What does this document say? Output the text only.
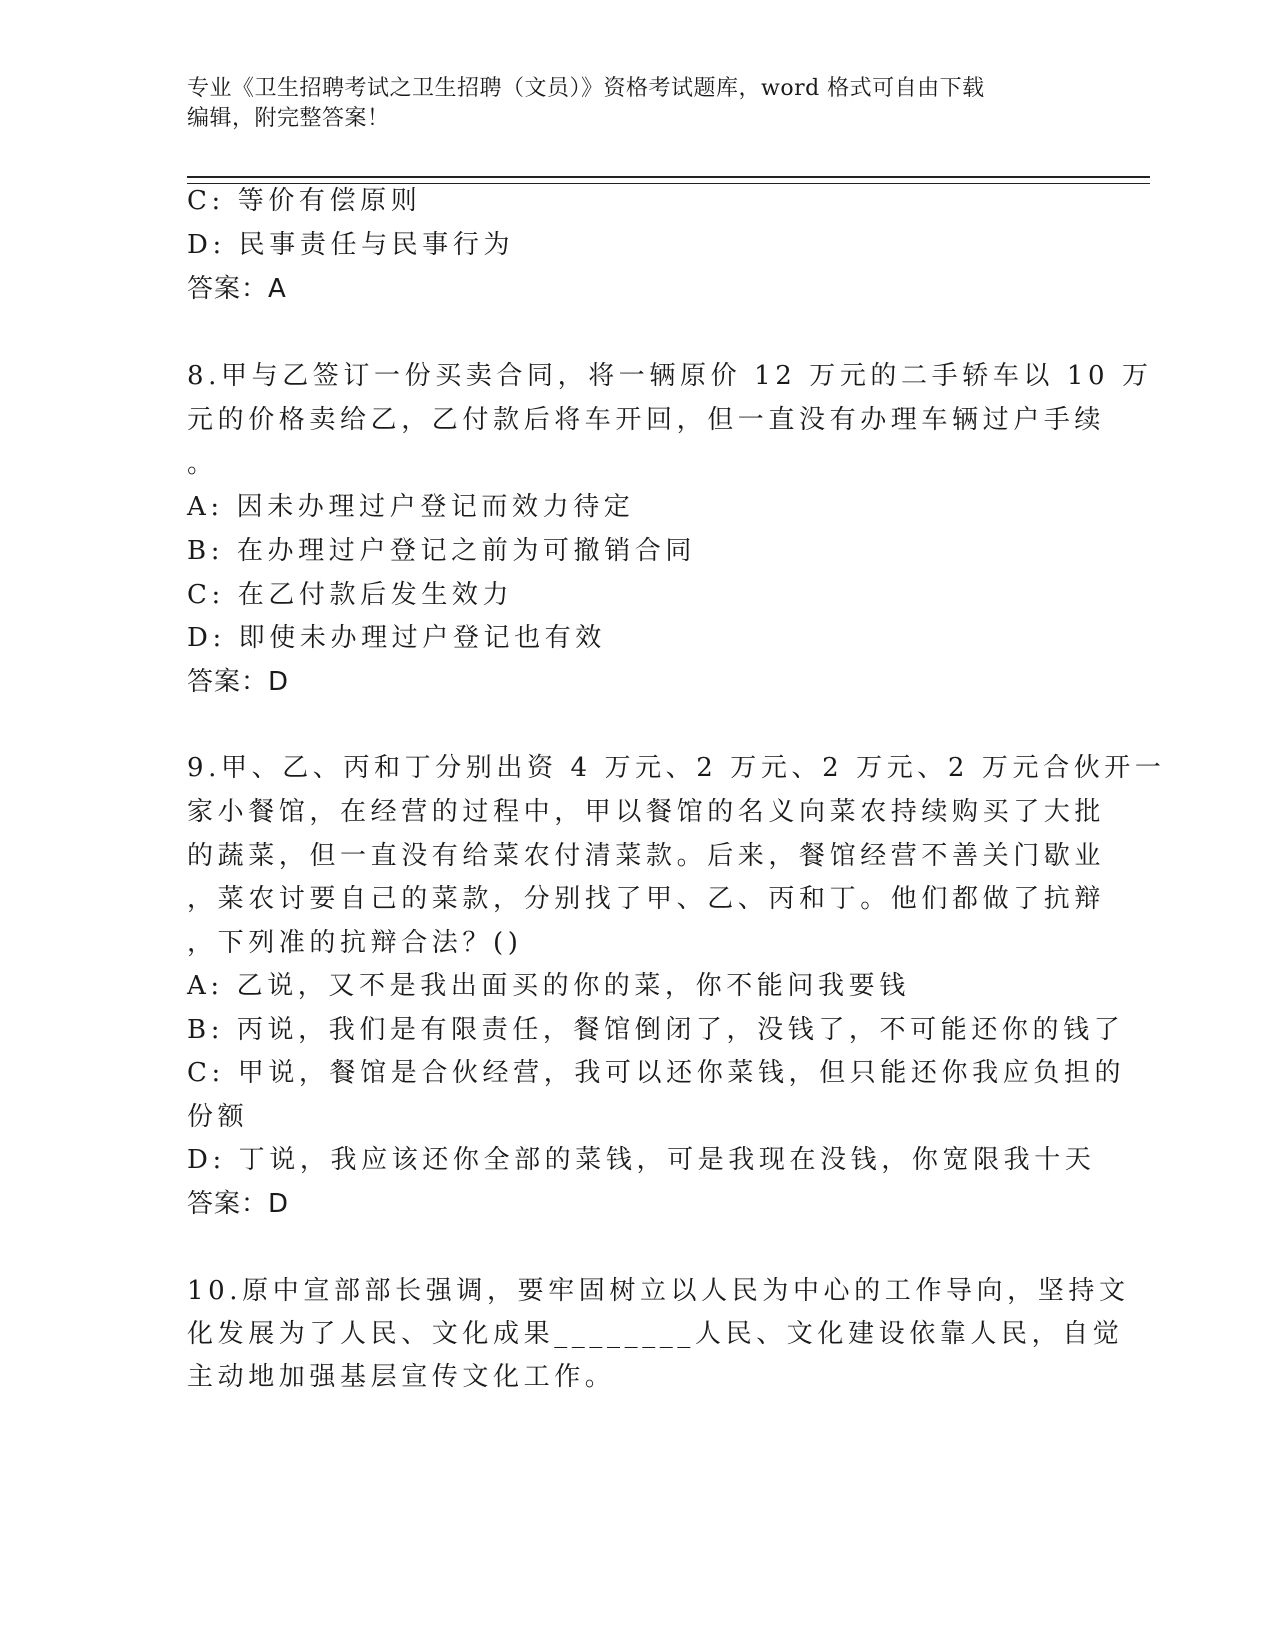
专业《卫生招聘考试之卫生招聘（文员）》资格考试题库，word 格式可自由下载
编辑，附完整答案！
C: 等价有偿原则
D: 民事责任与民事行为
答案：A
8.甲与乙签订一份买卖合同，将一辆原价 12 万元的二手轿车以 10 万
元的价格卖给乙，乙付款后将车开回，但一直没有办理车辆过户手续
。
A: 因未办理过户登记而效力待定
B: 在办理过户登记之前为可撤销合同
C: 在乙付款后发生效力
D: 即使未办理过户登记也有效
答案：D
9.甲、乙、丙和丁分别出资 4 万元、2 万元、2 万元、2 万元合伙开一
家小餐馆，在经营的过程中，甲以餐馆的名义向菜农持续购买了大批
的蔬菜，但一直没有给菜农付清菜款。后来，餐馆经营不善关门歇业
，菜农讨要自己的菜款，分别找了甲、乙、丙和丁。他们都做了抗辩
，下列准的抗辩合法？()
A: 乙说，又不是我出面买的你的菜，你不能问我要钱
B: 丙说，我们是有限责任，餐馆倒闭了，没钱了，不可能还你的钱了
C: 甲说，餐馆是合伙经营，我可以还你菜钱，但只能还你我应负担的
份额
D: 丁说，我应该还你全部的菜钱，可是我现在没钱，你宽限我十天
答案：D
10.原中宣部部长强调，要牢固树立以人民为中心的工作导向，坚持文
化发展为了人民、文化成果________人民、文化建设依靠人民，自觉
主动地加强基层宣传文化工作。
